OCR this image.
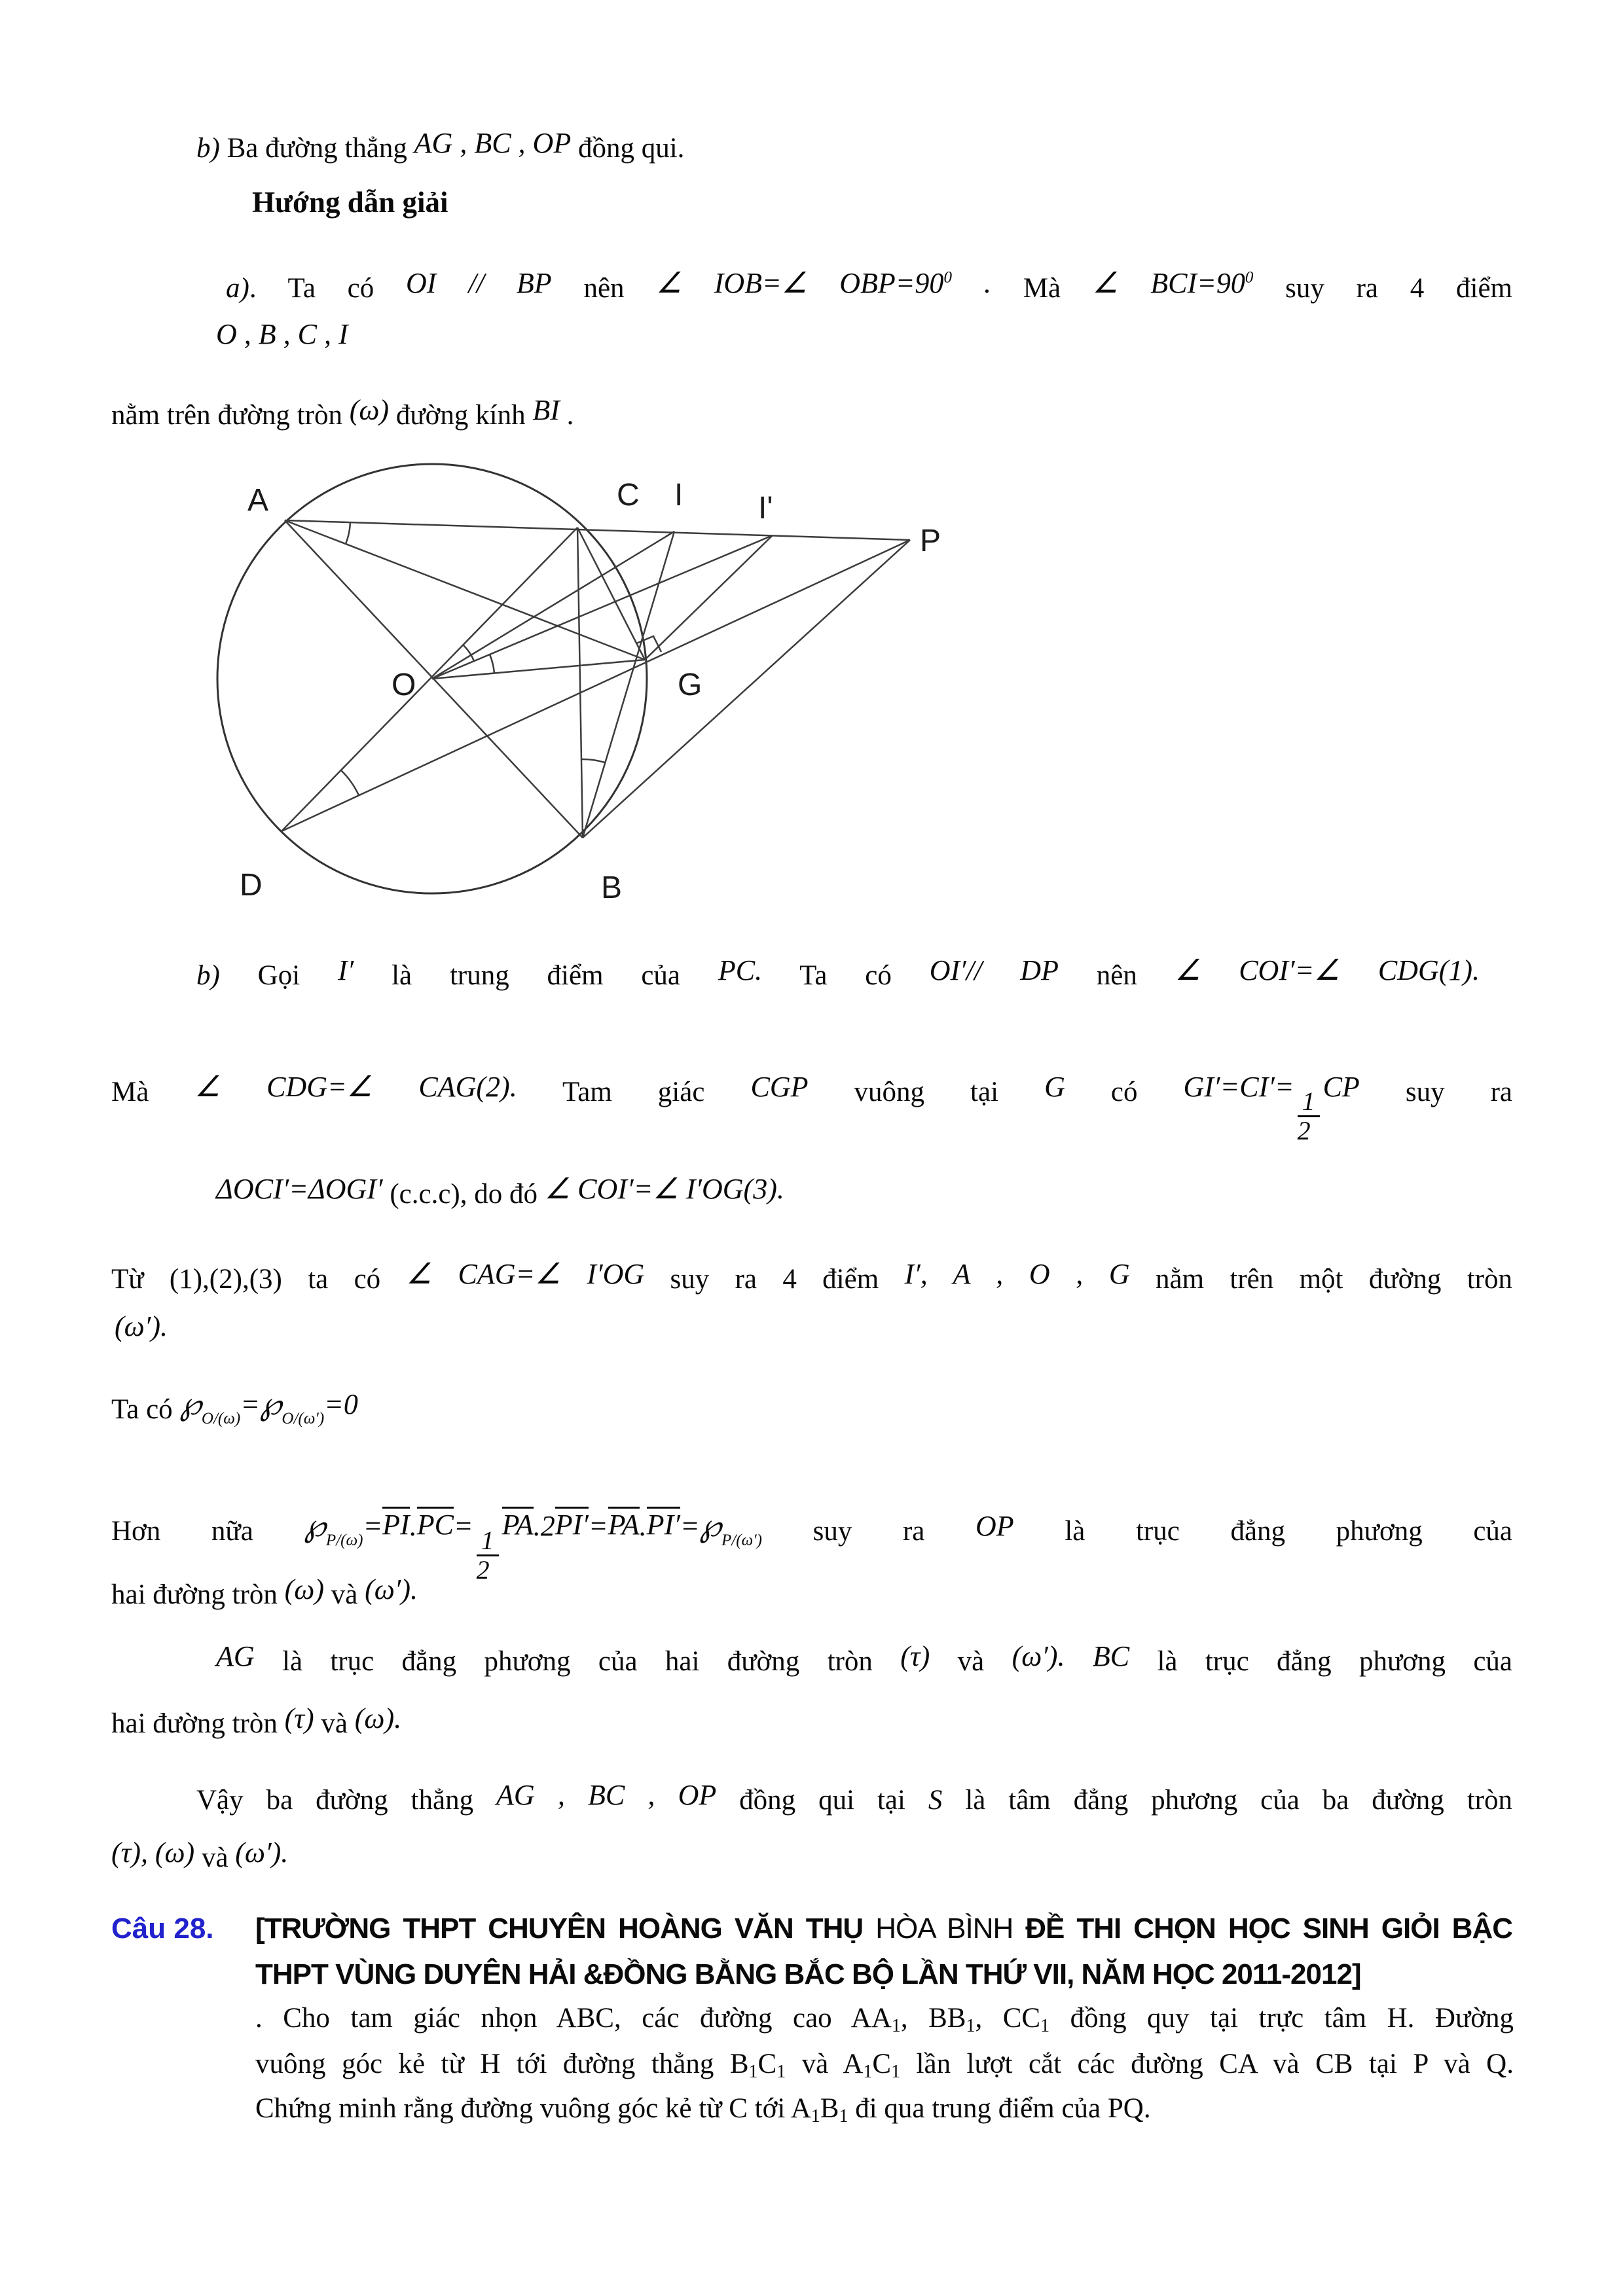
b) Ba đường thẳng AG , BC , OP đồng qui.
Hướng dẫn giải
a). Ta có OI // BP nên ∠ IOB=∠ $OBP=90^0$ . Mà ∠ $BCI=90^0$ suy ra 4 điểm
O , B , C , I
nằm trên đường tròn (ω) đường kính BI .
A	C I I'
P
O	G
D	B
b) Gọi I′ là trung điểm của PC. Ta có OI′// DP nên ∠ COI′=∠ CDG(1).
Mà ∠ CDG=∠ CAG(2). Tam giác CGP vuông tại G có GI′=CI′=
$\frac{1}{2}$
CP suy ra
ΔOCI′=ΔOGI′ (c.c.c), do đó ∠ COI′=∠ I′OG(3).
Từ (1),(2),(3) ta có ∠ CAG=∠ I′OG suy ra 4 điểm I′, A , O , G nằm trên một đường tròn
(ω′).
Ta có $℘_{O/(\omega)}=℘_{O/(\omega')}=0$
Hơn nữa $℘_{P/(\omega)}=PI.PC=$
$\frac{1}{2}$
$PA.2PI'=PA.PI'=℘_{P/(\omega')}$ suy ra OP là trục đẳng phương của
hai đường tròn (ω) và (ω′).
AG là trục đẳng phương của hai đường tròn (τ) và (ω′). BC là trục đẳng phương của
hai đường tròn (τ) và (ω).
Vậy ba đường thẳng AG , BC , OP đồng qui tại S là tâm đẳng phương của ba đường tròn
(τ), (ω) và (ω′).
Câu 28. [TRƯỜNG THPT CHUYÊN HOÀNG VĂN THỤ HÒA BÌNH ĐỀ THI CHỌN HỌC SINH GIỎI BẬC
THPT VÙNG DUYÊN HẢI &ĐỒNG BẰNG BẮC BỘ LẦN THỨ VII, NĂM HỌC 2011-2012]
. Cho tam giác nhọn ABC, các đường cao AA1, BB1, CC1 đồng quy tại trực tâm H. Đường
vuông góc kẻ từ H tới đường thẳng B1C1 và A1C1 lần lượt cắt các đường CA và CB tại P và Q.
Chứng minh rằng đường vuông góc kẻ từ C tới A1B1 đi qua trung điểm của PQ.
